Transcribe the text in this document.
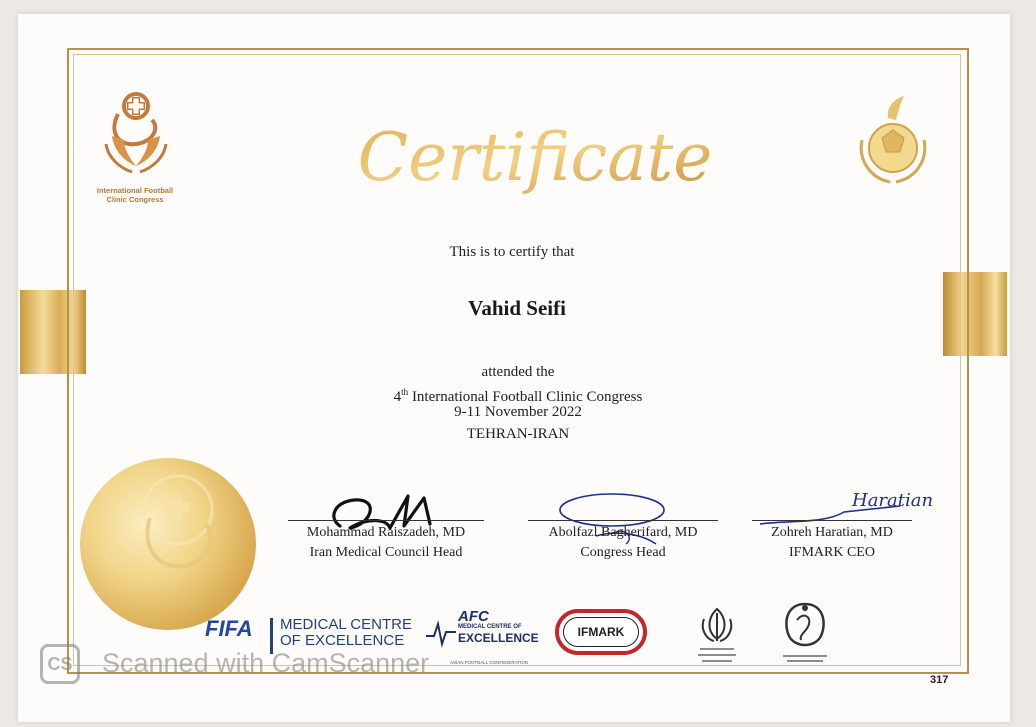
International Football Clinic Congress
Certificate
This is to certify that
Vahid Seifi
attended the
4th International Football Clinic Congress
9-11 November 2022
TEHRAN-IRAN
Haratian
Mohammad Raiszadeh, MD
Iran Medical Council Head
Abolfazl Bagherifard, MD
Congress Head
Zohreh Haratian, MD
IFMARK CEO
FIFA MEDICAL CENTRE
OF EXCELLENCE
AFC
MEDICAL CENTRE OF
EXCELLENCE
ASIAN FOOTBALL CONFEDERATION
IFMARK
CS Scanned with CamScanner
317
